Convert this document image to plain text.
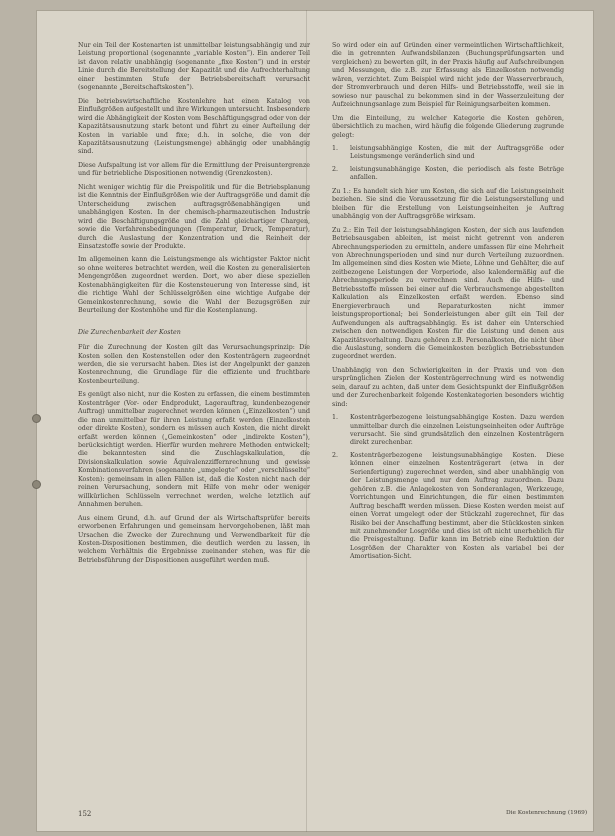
Nur ein Teil der Kostenarten ist unmittelbar leistungsabhängig und zur Leistung proportional (sogenannte „variable Kosten“). Ein anderer Teil ist davon relativ unabhängig (sogenannte „fixe Kosten“) und in erster Linie durch die Bereitstellung der Kapazität und die Aufrechterhaltung einer bestimmten Stufe der Betriebsbereitschaft verursacht (sogenannte „Bereitschaftskosten“).

Die betriebswirtschaftliche Kostenlehre hat einen Katalog von Einflußgrößen aufgestellt und ihre Wirkungen untersucht. Insbesondere wird die Abhängigkeit der Kosten vom Beschäftigungsgrad oder von der Kapazitätsausnutzung stark betont und führt zu einer Aufteilung der Kosten in variable und fixe; d.h. in solche, die von der Kapazitätsausnutzung (Leistungsmenge) abhängig oder unabhängig sind.

Diese Aufspaltung ist vor allem für die Ermittlung der Preisuntergrenze und für betriebliche Dispositionen notwendig (Grenzkosten).

Nicht weniger wichtig für die Preispolitik und für die Betriebsplanung ist die Kenntnis der Einflußgrößen wie der Auftragsgröße und damit die Unterscheidung zwischen auftragsgrößenabhängigen und unabhängigen Kosten. In der chemisch-pharmazeutischen Industrie wird die Beschäftigungsgröße und die Zahl gleichartiger Chargen, sowie die Verfahrensbedingungen (Temperatur, Druck, Temperatur), durch die Auslastung der Konzentration und die Reinheit der Einsatzstoffe sowie der Produkte.

Im allgemeinen kann die Leistungsmenge als wichtigster Faktor nicht so ohne weiteres betrachtet werden, weil die Kosten zu generalisierten Mengengrößen zugeordnet werden. Dort, wo aber diese speziellen Kostenabhängigkeiten für die Kostensteuerung von Interesse sind, ist die richtige Wahl der Schlüsselgrößen eine wichtige Aufgabe der Gemeinkostenrechnung, sowie die Wahl der Bezugsgrößen zur Beurteilung der Kostenhöhe und für die Kostenplanung.

Die Zurechenbarkeit der Kosten

Für die Zurechnung der Kosten gilt das Verursachungsprinzip: Die Kosten sollen den Kostenstellen oder den Kostenträgern zugeordnet werden, die sie verursacht haben. Dies ist der Angelpunkt der ganzen Kostenrechnung, die Grundlage für die effiziente und fruchtbare Kostenbeurteilung.

Es genügt also nicht, nur die Kosten zu erfassen, die einem bestimmten Kostenträger (Vor- oder Endprodukt, Lagerauftrag, kundenbezogener Auftrag) unmittelbar zugerechnet werden können („Einzelkosten“) und die man unmittelbar für ihren Leistung erfaßt werden (Einzelkosten oder direkte Kosten), sondern es müssen auch Kosten, die nicht direkt erfaßt werden können („Gemeinkosten“ oder „indirekte Kosten“), berücksichtigt werden. Hierfür wurden mehrere Methoden entwickelt; die bekanntesten sind die Zuschlagskalkulation, die Divisionskalkulation sowie Äquivalenzziffernrechnung und gewisse Kombinationsverfahren (sogenannte „umgelegte“ oder „verschlüsselte“ Kosten): gemeinsam in allen Fällen ist, daß die Kosten nicht nach der reinen Verursachung, sondern mit Hilfe von mehr oder weniger willkürlichen Schlüsseln verrechnet werden, welche letztlich auf Annahmen beruhen.

Aus einem Grund, d.h. auf Grund der als Wirtschaftsprüfer bereits erworbenen Erfahrungen und gemeinsam hervorgehobenen, läßt man Ursachen die Zwecke der Zurechnung und Verwendbarkeit für die Kosten-Dispositionen bestimmen, die deutlich werden zu lassen, in welchem Verhältnis die Ergebnisse zueinander stehen, was für die Betriebsführung der Dispositionen ausgeführt werden muß.

So wird oder ein auf Gründen einer vermeintlichen Wirtschaftlichkeit, die in getrennten Aufwandsbilanzen (Buchungsprüfungsarten und vergleichen) zu bewerten gilt, in der Praxis häufig auf Aufschreibungen und Messungen, die z.B. zur Erfassung als Einzelkosten notwendig wären, verzichtet. Zum Beispiel wird nicht jede der Wasserverbrauch, der Stromverbrauch und deren Hilfs- und Betriebsstoffe, weil sie in sowieso nur pauschal zu bekommen sind in der Wasserzuleitung der Aufzeichnungsanlage zum Beispiel für Reinigungsarbeiten kommen.

Um die Einteilung, zu welcher Kategorie die Kosten gehören, übersichtlich zu machen, wird häufig die folgende Gliederung zugrunde gelegt:

1.	leistungsabhängige Kosten, die mit der Auftragsgröße oder Leistungsmenge veränderlich sind und
2.	leistungsunabhängige Kosten, die periodisch als feste Beträge anfallen.

Zu 1.: Es handelt sich hier um Kosten, die sich auf die Leistungseinheit beziehen. Sie sind die Voraussetzung für die Leistungserstellung und bleiben für die Erstellung von Leistungseinheiten je Auftrag unabhängig von der Auftragsgröße wirksam.

Zu 2.: Ein Teil der leistungsabhängigen Kosten, der sich aus laufenden Betriebsausgaben ableiten, ist meist nicht getrennt von anderen Abrechnungsperioden zu ermitteln, andere umfassen für eine Mehrheit von Abrechnungsperioden und sind nur durch Verteilung zuzuordnen. Im allgemeinen sind dies Kosten wie Miete, Löhne und Gehälter, die auf zeitbezogene Leistungen der Vorperiode, also kalendermäßig auf die Abrechnungsperiode zu verrechnen sind. Auch die Hilfs- und Betriebsstoffe müssen bei einer auf die Verbrauchsmenge abgestellten Kalkulation als Einzelkosten erfaßt werden. Ebenso sind Energieverbrauch und Reparaturkosten nicht immer leistungsproportional; bei Sonderleistungen aber gilt ein Teil der Aufwendungen als auftragsabhängig. Es ist daher ein Unterschied zwischen den notwendigen Kosten für die Leistung und denen aus Kapazitätsvorhaltung. Dazu gehören z.B. Personalkosten, die nicht über die Auslastung, sondern die Gemeinkosten bezüglich Betriebsstunden zugeordnet werden.

Unabhängig von den Schwierigkeiten in der Praxis und von den ursprünglichen Zielen der Kostenträgerrechnung wird es notwendig sein, darauf zu achten, daß unter dem Gesichtspunkt der Einflußgrößen und der Zurechenbarkeit folgende Kostenkategorien besonders wichtig sind:

1.	Kostenträgerbezogene leistungsabhängige Kosten. Dazu werden unmittelbar durch die einzelnen Leistungseinheiten oder Aufträge verursacht. Sie sind grundsätzlich den einzelnen Kostenträgern direkt zurechenbar.
2.	Kostenträgerbezogene leistungsunabhängige Kosten. Diese können einer einzelnen Kostenträgerart (etwa in der Serienfertigung) zugerechnet werden, sind aber unabhängig von der Leistungsmenge und nur dem Auftrag zuzuordnen. Dazu gehören z.B. die Anlagekosten von Sonderanlagen, Werkzeuge, Vorrichtungen und Einrichtungen, die für einen bestimmten Auftrag beschafft werden müssen. Diese Kosten werden meist auf einen Vorrat umgelegt oder der Stückzahl zugerechnet, für das Risiko bei der Anschaffung bestimmt, aber die Stückkosten sinken mit zunehmender Losgröße und dies ist oft nicht unerheblich für die Preisgestaltung. Dafür kann im Betrieb eine Reduktion der Losgrößen der Charakter von Kosten als variabel bei der Amortisation-Sicht.
152	Die Kostenrechnung (1969)
